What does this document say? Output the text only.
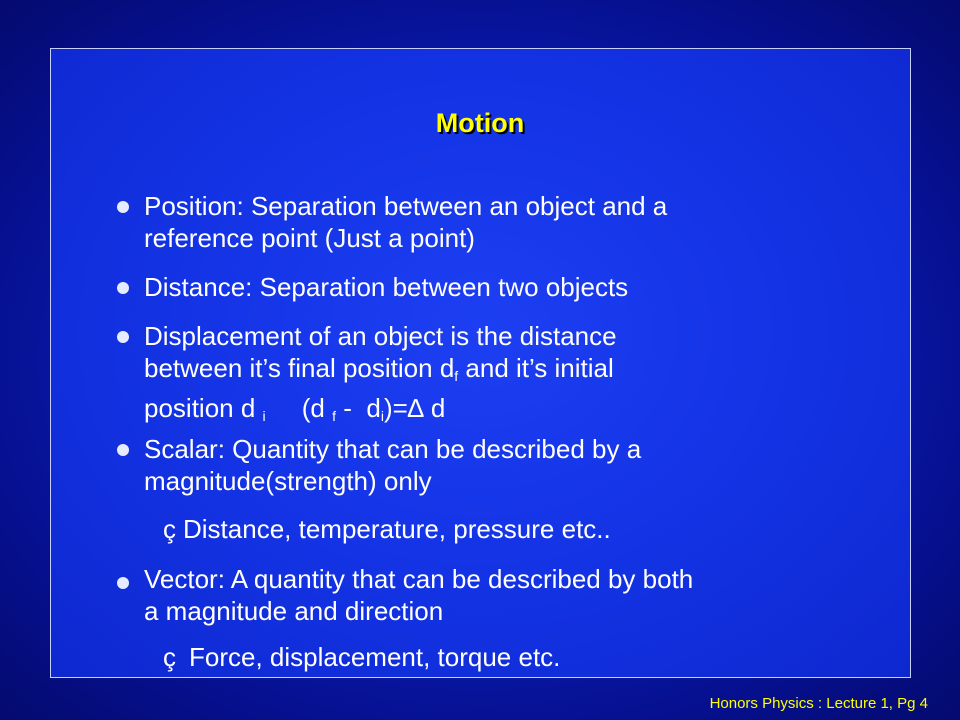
Motion
Position: Separation between an object and a
reference point (Just a point)
Distance: Separation between two objects
Displacement of an object is the distance
between it’s final position $d_f$ and it’s initial
position d $_i$     (d $_f - d_i)=\Delta$ d
Scalar: Quantity that can be described by a
magnitude(strength) only
ç Distance, temperature, pressure etc..
Vector: A quantity that can be described by both
a magnitude and direction
ç Force, displacement, torque etc.
Honors Physics : Lecture 1, Pg 4
